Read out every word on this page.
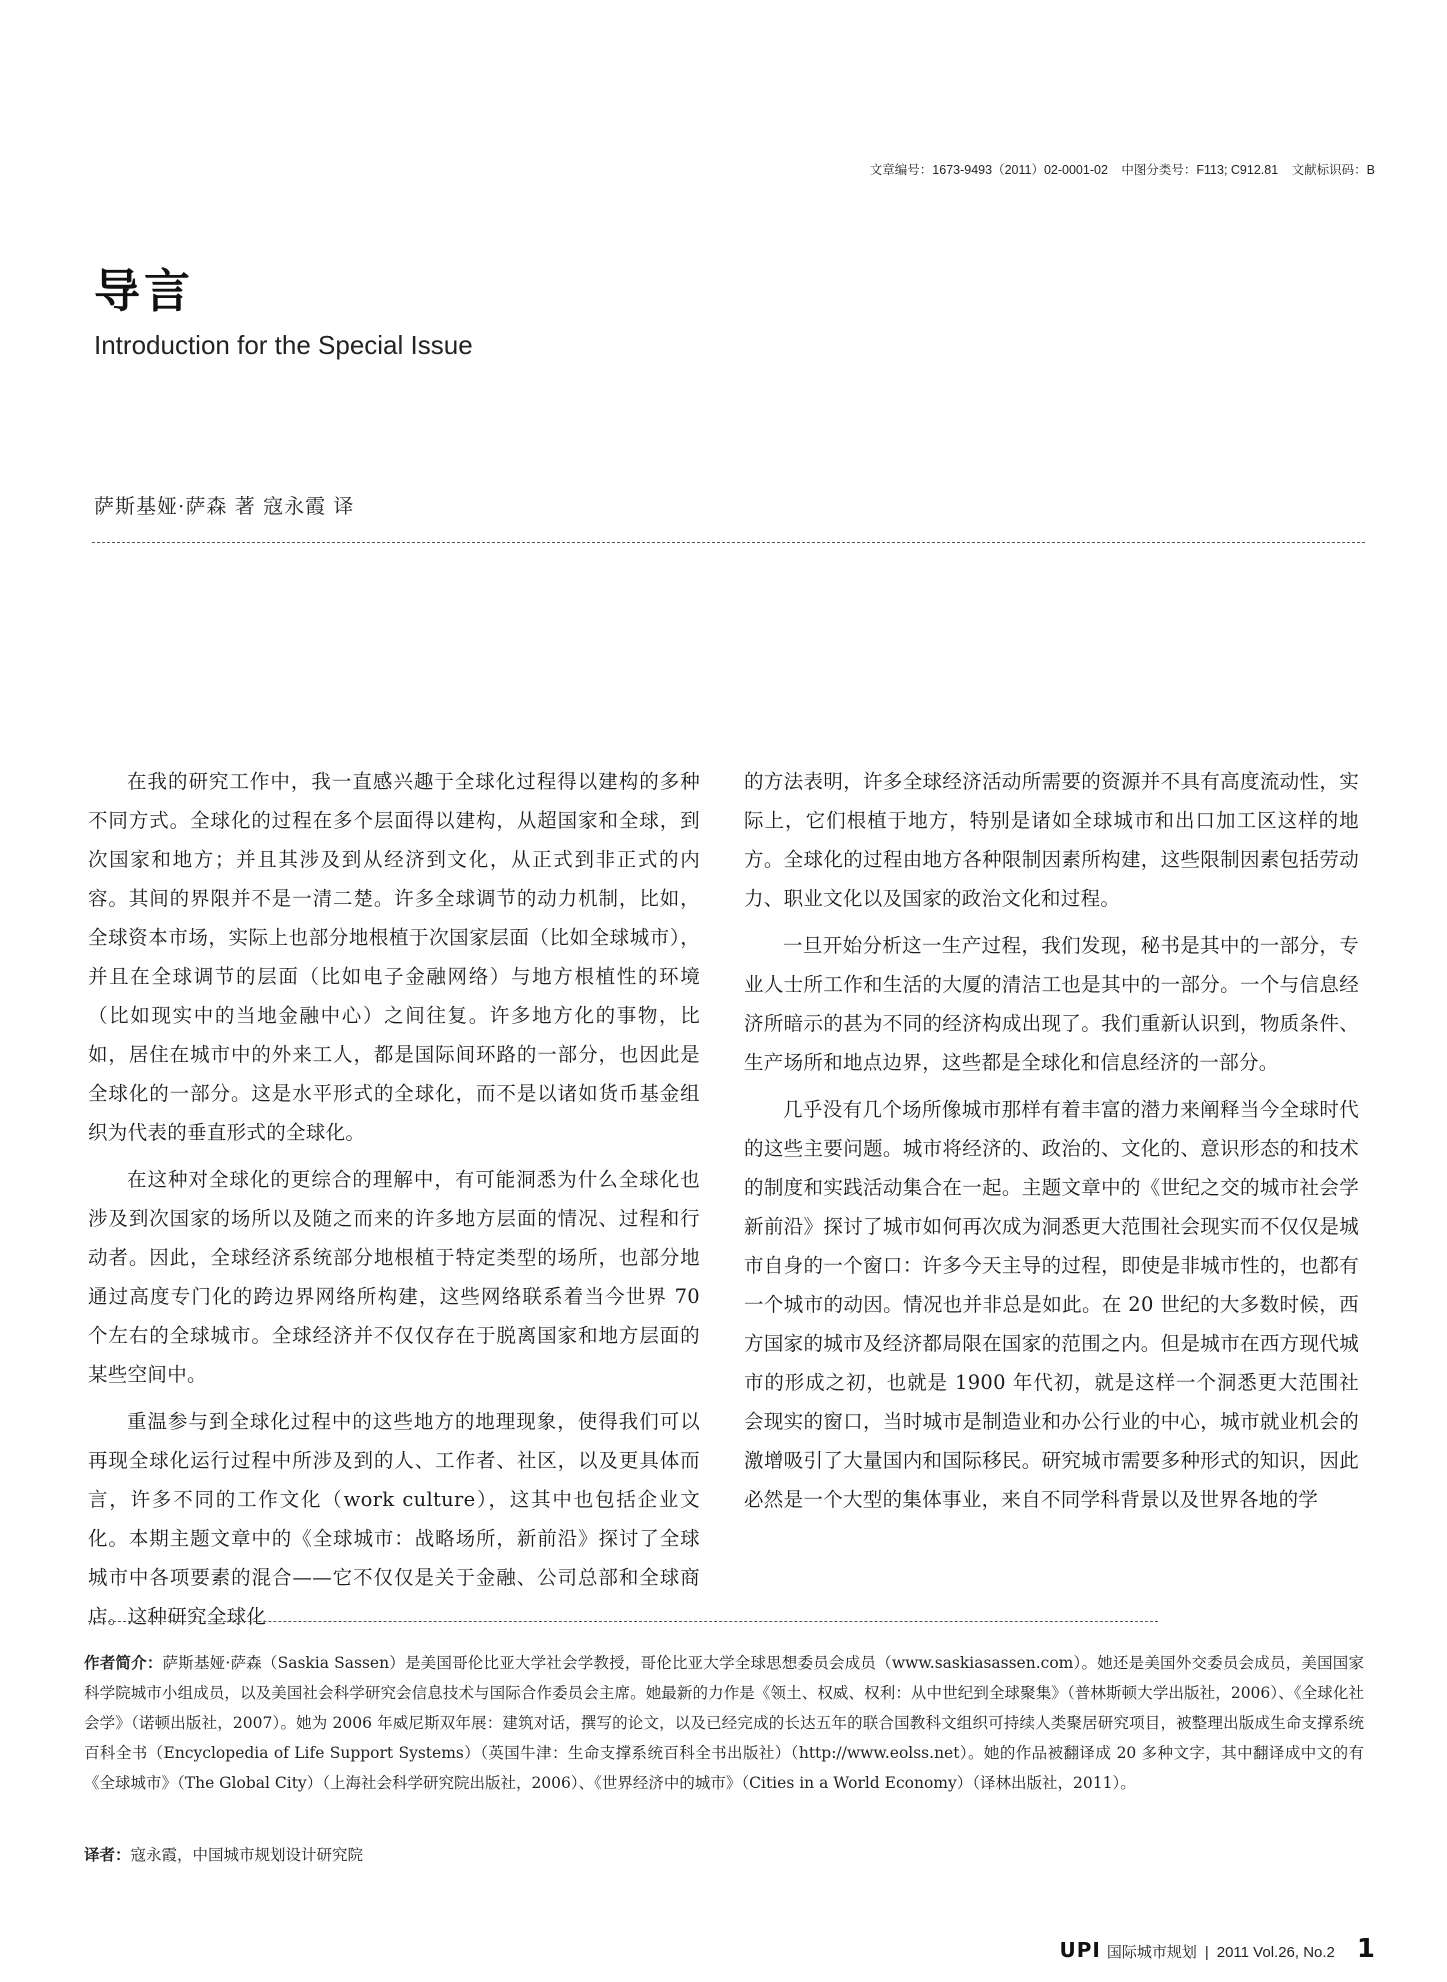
文章编号：1673-9493（2011）02-0001-02 中图分类号：F113; C912.81 文献标识码：B
导言
Introduction for the Special Issue
萨斯基娅·萨森 著 寇永霞 译

在我的研究工作中，我一直感兴趣于全球化过程得以建构的多种不同方式。全球化的过程在多个层面得以建构，从超国家和全球，到次国家和地方；并且其涉及到从经济到文化，从正式到非正式的内容。其间的界限并不是一清二楚。许多全球调节的动力机制，比如，全球资本市场，实际上也部分地根植于次国家层面（比如全球城市），并且在全球调节的层面（比如电子金融网络）与地方根植性的环境（比如现实中的当地金融中心）之间往复。许多地方化的事物，比如，居住在城市中的外来工人，都是国际间环路的一部分，也因此是全球化的一部分。这是水平形式的全球化，而不是以诸如货币基金组织为代表的垂直形式的全球化。

在这种对全球化的更综合的理解中，有可能洞悉为什么全球化也涉及到次国家的场所以及随之而来的许多地方层面的情况、过程和行动者。因此，全球经济系统部分地根植于特定类型的场所，也部分地通过高度专门化的跨边界网络所构建，这些网络联系着当今世界 70 个左右的全球城市。全球经济并不仅仅存在于脱离国家和地方层面的某些空间中。

重温参与到全球化过程中的这些地方的地理现象，使得我们可以再现全球化运行过程中所涉及到的人、工作者、社区，以及更具体而言，许多不同的工作文化（work culture），这其中也包括企业文化。本期主题文章中的《全球城市：战略场所，新前沿》探讨了全球城市中各项要素的混合——它不仅仅是关于金融、公司总部和全球商店。这种研究全球化

的方法表明，许多全球经济活动所需要的资源并不具有高度流动性，实际上，它们根植于地方，特别是诸如全球城市和出口加工区这样的地方。全球化的过程由地方各种限制因素所构建，这些限制因素包括劳动力、职业文化以及国家的政治文化和过程。

一旦开始分析这一生产过程，我们发现，秘书是其中的一部分，专业人士所工作和生活的大厦的清洁工也是其中的一部分。一个与信息经济所暗示的甚为不同的经济构成出现了。我们重新认识到，物质条件、生产场所和地点边界，这些都是全球化和信息经济的一部分。

几乎没有几个场所像城市那样有着丰富的潜力来阐释当今全球时代的这些主要问题。城市将经济的、政治的、文化的、意识形态的和技术的制度和实践活动集合在一起。主题文章中的《世纪之交的城市社会学新前沿》探讨了城市如何再次成为洞悉更大范围社会现实而不仅仅是城市自身的一个窗口：许多今天主导的过程，即使是非城市性的，也都有一个城市的动因。情况也并非总是如此。在 20 世纪的大多数时候，西方国家的城市及经济都局限在国家的范围之内。但是城市在西方现代城市的形成之初，也就是 1900 年代初，就是这样一个洞悉更大范围社会现实的窗口，当时城市是制造业和办公行业的中心，城市就业机会的激增吸引了大量国内和国际移民。研究城市需要多种形式的知识，因此必然是一个大型的集体事业，来自不同学科背景以及世界各地的学

作者简介：萨斯基娅·萨森（Saskia Sassen）是美国哥伦比亚大学社会学教授，哥伦比亚大学全球思想委员会成员（www.saskiasassen.com）。她还是美国外交委员会成员，美国国家科学院城市小组成员，以及美国社会科学研究会信息技术与国际合作委员会主席。她最新的力作是《领土、权威、权利：从中世纪到全球聚集》（普林斯顿大学出版社，2006）、《全球化社会学》（诺顿出版社，2007）。她为 2006 年威尼斯双年展：建筑对话，撰写的论文，以及已经完成的长达五年的联合国教科文组织可持续人类聚居研究项目，被整理出版成生命支撑系统百科全书（Encyclopedia of Life Support Systems）（英国牛津：生命支撑系统百科全书出版社）（http://www.eolss.net）。她的作品被翻译成 20 多种文字，其中翻译成中文的有《全球城市》（The Global City）（上海社会科学研究院出版社，2006）、《世界经济中的城市》（Cities in a World Economy）（译林出版社，2011）。
译者：寇永霞，中国城市规划设计研究院
UPI 国际城市规划 | 2011 Vol.26, No.2 1
